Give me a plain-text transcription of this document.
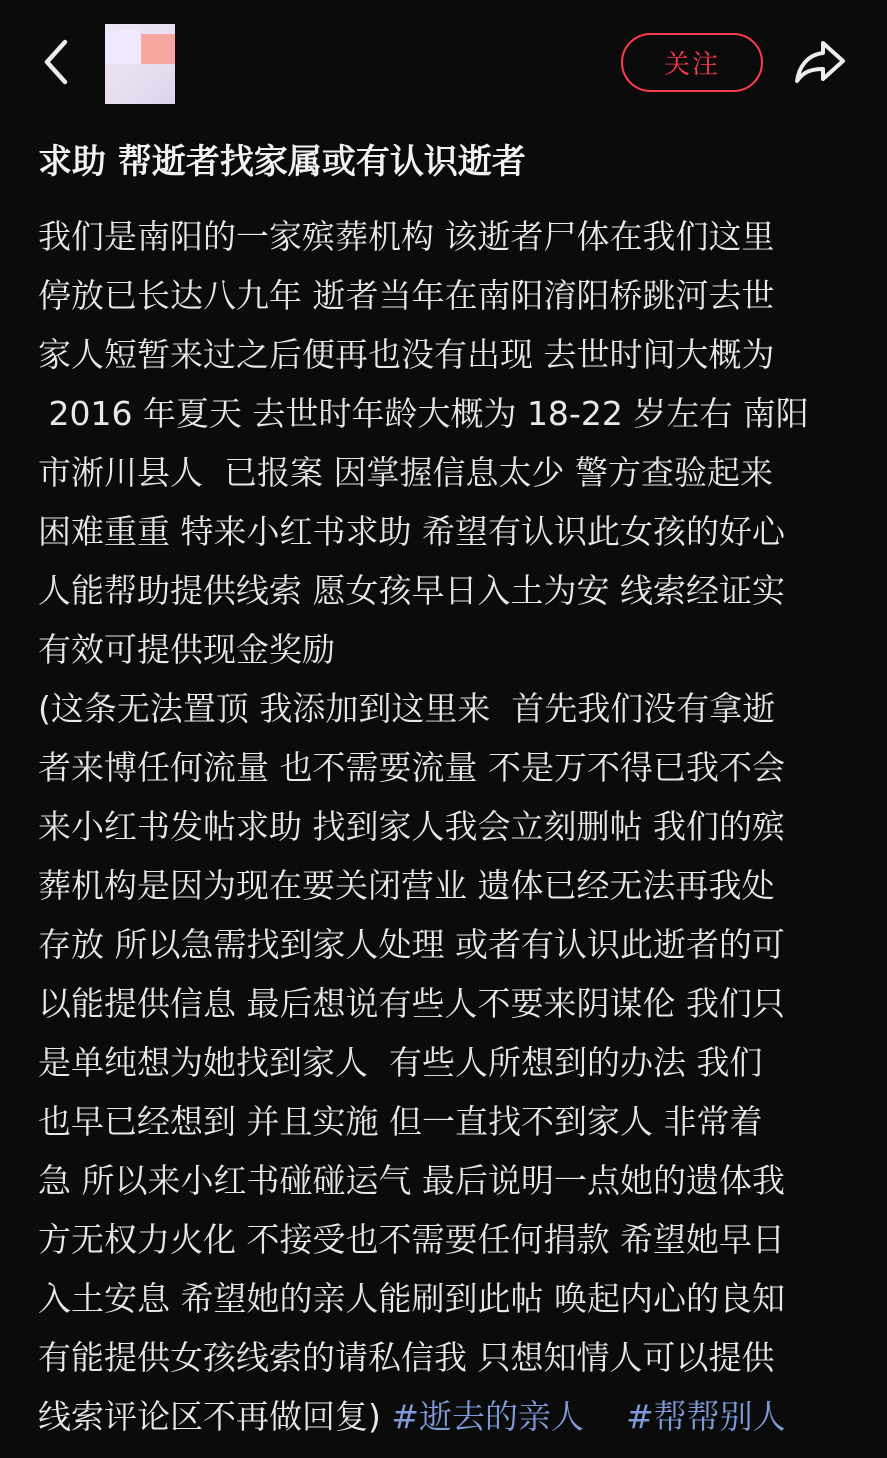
关注
求助 帮逝者找家属或有认识逝者
我们是南阳的一家殡葬机构 该逝者尸体在我们这里
停放已长达八九年 逝者当年在南阳淯阳桥跳河去世
家人短暂来过之后便再也没有出现 去世时间大概为
2016 年夏天 去世时年龄大概为 18-22 岁左右 南阳
市淅川县人  已报案 因掌握信息太少 警方查验起来
困难重重 特来小红书求助 希望有认识此女孩的好心
人能帮助提供线索 愿女孩早日入土为安 线索经证实
有效可提供现金奖励
(这条无法置顶 我添加到这里来  首先我们没有拿逝
者来博任何流量 也不需要流量 不是万不得已我不会
来小红书发帖求助 找到家人我会立刻删帖 我们的殡
葬机构是因为现在要关闭营业 遗体已经无法再我处
存放 所以急需找到家人处理 或者有认识此逝者的可
以能提供信息 最后想说有些人不要来阴谋伦 我们只
是单纯想为她找到家人  有些人所想到的办法 我们
也早已经想到 并且实施 但一直找不到家人 非常着
急 所以来小红书碰碰运气 最后说明一点她的遗体我
方无权力火化 不接受也不需要任何捐款 希望她早日
入土安息 希望她的亲人能刷到此帖 唤起内心的良知
有能提供女孩线索的请私信我 只想知情人可以提供
线索评论区不再做回复) #逝去的亲人 #帮帮别人
